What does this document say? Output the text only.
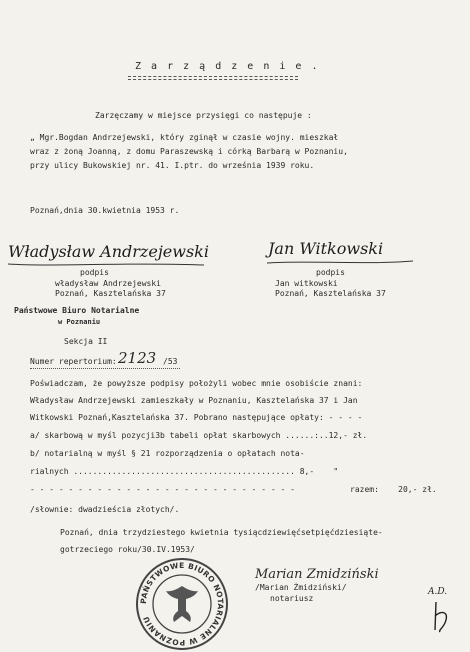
Z a r z ą d z e n i e .
Zarzęczamy w miejsce przysięgi co następuje :
„ Mgr.Bogdan Andrzejewski, który zginął w czasie wojny. mieszkał
wraz z żoną Joanną, z domu Paraszewską i córką Barbarą w Poznaniu,
przy ulicy Bukowskiej nr. 41. I.ptr. do września 1939 roku.
Poznań,dnia 30.kwietnia 1953 r.
Władysław Andrzejewski
podpis
władysław Andrzejewski
Poznań, Kasztelańska 37
Jan Witkowski
podpis
Jan witkowski
Poznań, Kasztelańska 37
Państwowe Biuro Notarialne
w Poznaniu
Sekcja II
Numer repertorium: 2123 /53
Poświadczam, że powyższe podpisy położyli wobec mnie osobiście znani:
Władysław Andrzejewski zamieszkały w Poznaniu, Kasztelańska 37 i Jan
Witkowski Poznań,Kasztelańska 37. Pobrano następujące opłaty: - - - -
a/ skarbową w myśl pozycji3b tabeli opłat skarbowych ......:..12,- zł.
b/ notarialną w myśl § 21 rozporządzenia o opłatach nota-
rialnych .............................................. 8,-    "
- - - - - - - - - - - - - - - - - - - - - - - - - - - -	razem:    20,- zł.
/słownie: dwadzieścia złotych/.
Poznań, dnia trzydziestego kwietnia tysiącdziewięćsetpięćdziesiąte-
gotrzeciego roku/30.IV.1953/
Marian Zmidziński
/Marian Żmidziński/
notariusz
A.D.
PAŃSTWOWE BIURO NOTARIALNE W POZNANIU
